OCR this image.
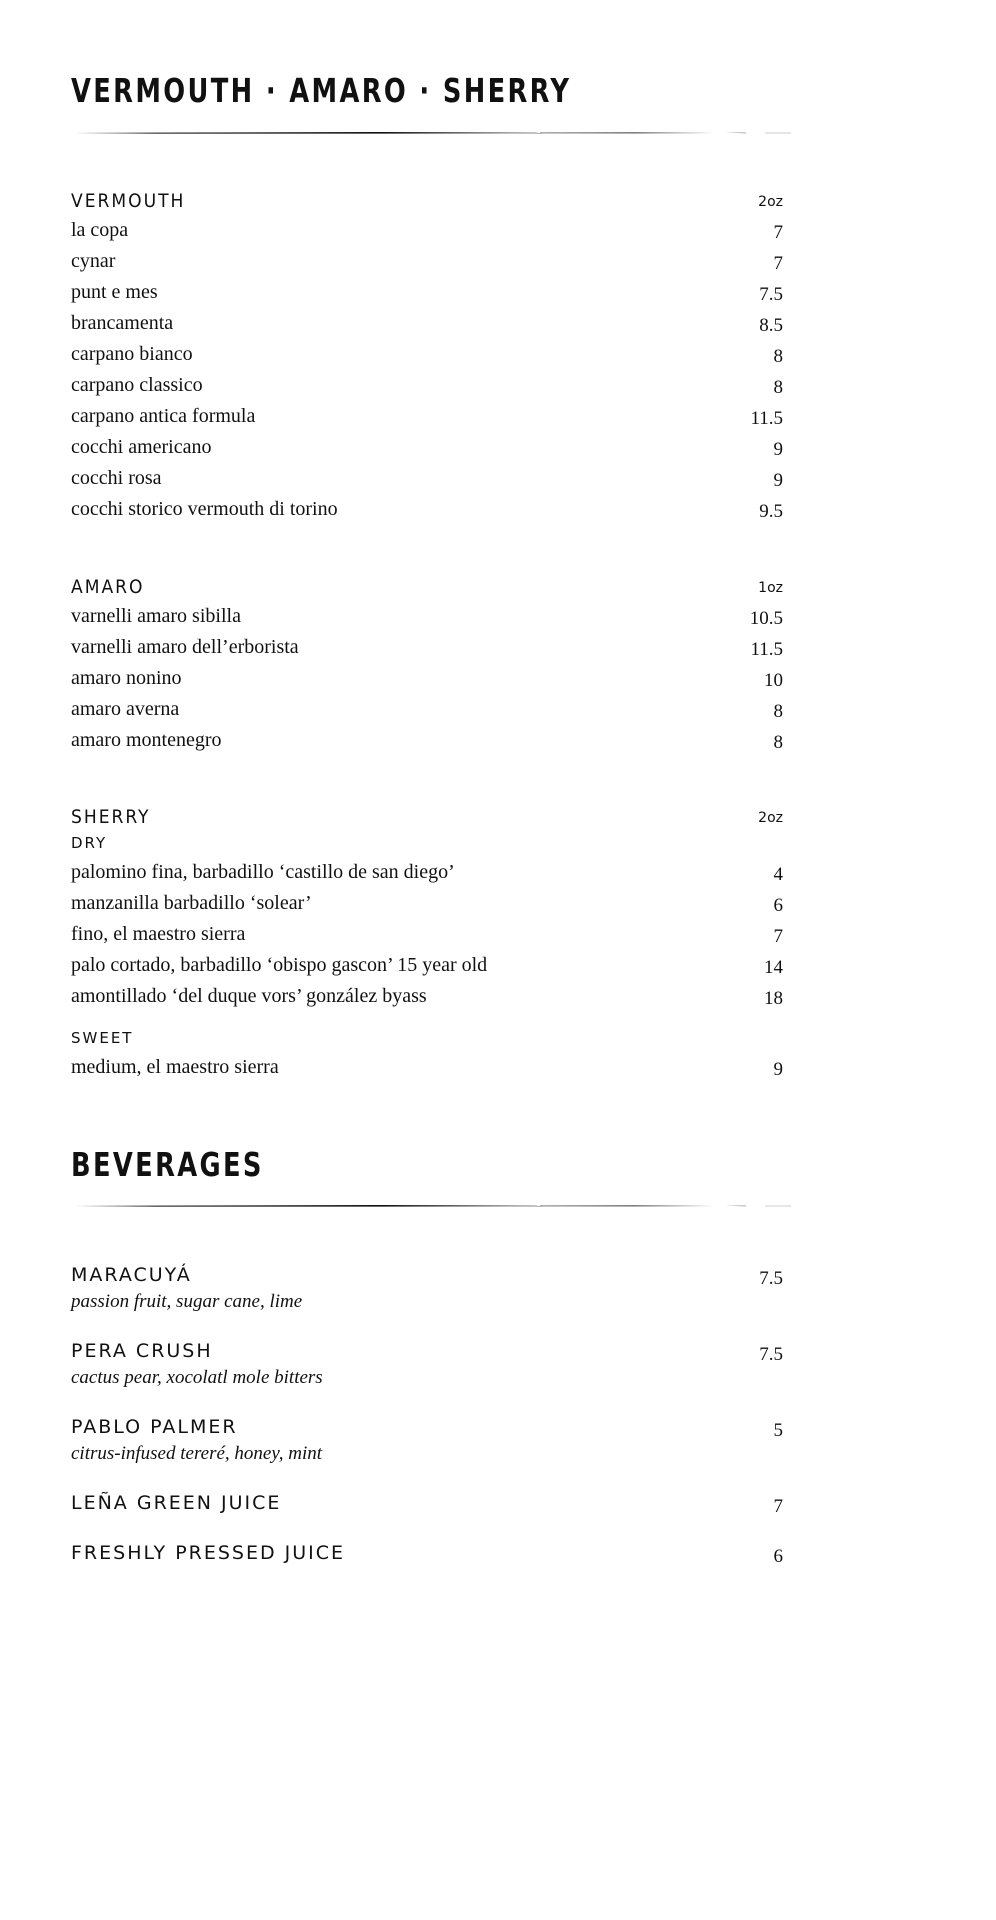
VERMOUTH · AMARO · SHERRY
VERMOUTH	2oz
la copa	7
cynar	7
punt e mes	7.5
brancamenta	8.5
carpano bianco	8
carpano classico	8
carpano antica formula	11.5
cocchi americano	9
cocchi rosa	9
cocchi storico vermouth di torino	9.5
AMARO	1oz
varnelli amaro sibilla	10.5
varnelli amaro dell’erborista	11.5
amaro nonino	10
amaro averna	8
amaro montenegro	8
SHERRY	2oz
DRY
palomino fina, barbadillo ‘castillo de san diego’	4
manzanilla barbadillo ‘solear’	6
fino, el maestro sierra	7
palo cortado, barbadillo ‘obispo gascon’ 15 year old	14
amontillado ‘del duque vors’ gonzález byass	18
SWEET
medium, el maestro sierra	9
BEVERAGES
MARACUYÁ	7.5
passion fruit, sugar cane, lime
PERA CRUSH	7.5
cactus pear, xocolatl mole bitters
PABLO PALMER	5
citrus-infused tereré, honey, mint
LEÑA GREEN JUICE	7
FRESHLY PRESSED JUICE	6
